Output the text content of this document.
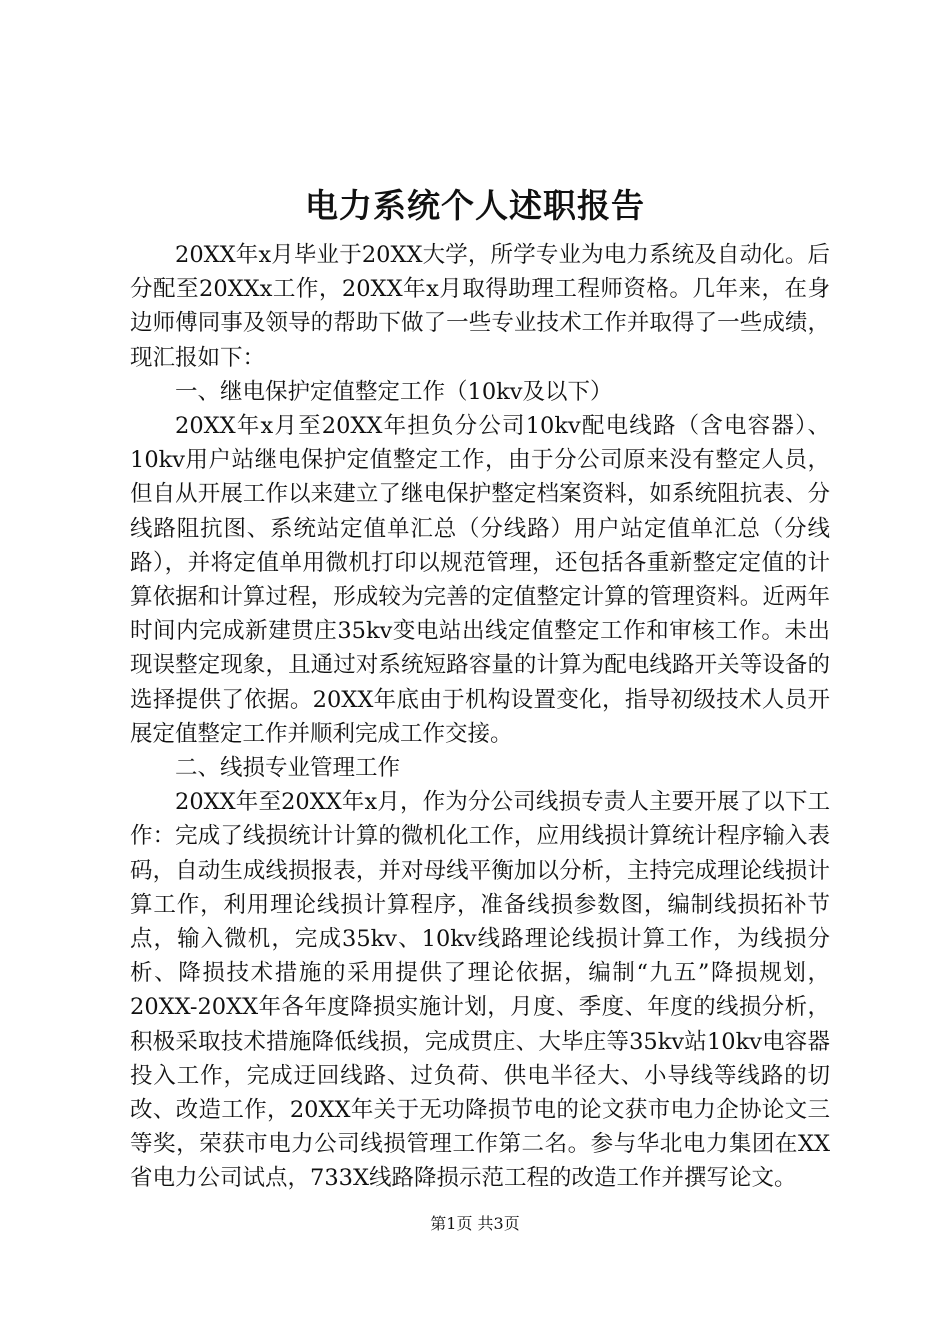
电力系统个人述职报告

20XX年x月毕业于20XX大学，所学专业为电力系统及自动化。后分配至20XXx工作，20XX年x月取得助理工程师资格。几年来，在身边师傅同事及领导的帮助下做了一些专业技术工作并取得了一些成绩，现汇报如下：

一、继电保护定值整定工作（10kv及以下）

20XX年x月至20XX年担负分公司10kv配电线路（含电容器）、10kv用户站继电保护定值整定工作，由于分公司原来没有整定人员，但自从开展工作以来建立了继电保护整定档案资料，如系统阻抗表、分线路阻抗图、系统站定值单汇总（分线路）用户站定值单汇总（分线路），并将定值单用微机打印以规范管理，还包括各重新整定定值的计算依据和计算过程，形成较为完善的定值整定计算的管理资料。近两年时间内完成新建贯庄35kv变电站出线定值整定工作和审核工作。未出现误整定现象，且通过对系统短路容量的计算为配电线路开关等设备的选择提供了依据。20XX年底由于机构设置变化，指导初级技术人员开展定值整定工作并顺利完成工作交接。

二、线损专业管理工作

20XX年至20XX年x月，作为分公司线损专责人主要开展了以下工作：完成了线损统计计算的微机化工作，应用线损计算统计程序输入表码，自动生成线损报表，并对母线平衡加以分析，主持完成理论线损计算工作，利用理论线损计算程序，准备线损参数图，编制线损拓补节点，输入微机，完成35kv、10kv线路理论线损计算工作，为线损分析、降损技术措施的采用提供了理论依据，编制“九五”降损规划，20XX-20XX年各年度降损实施计划，月度、季度、年度的线损分析，积极采取技术措施降低线损，完成贯庄、大毕庄等35kv站10kv电容器投入工作，完成迂回线路、过负荷、供电半径大、小导线等线路的切改、改造工作，20XX年关于无功降损节电的论文获市电力企协论文三等奖，荣获市电力公司线损管理工作第二名。参与华北电力集团在XX省电力公司试点，733X线路降损示范工程的改造工作并撰写论文。

第1页 共3页
